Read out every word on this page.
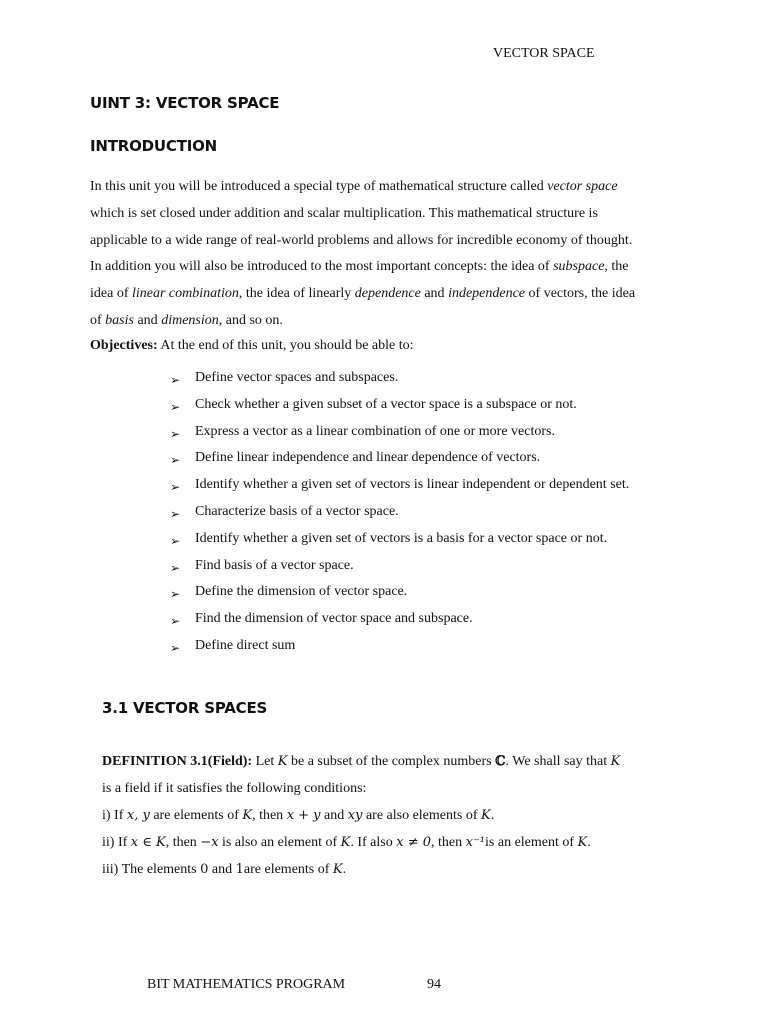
VECTOR SPACE
UINT 3: VECTOR SPACE
INTRODUCTION

In this unit you will be introduced a special type of mathematical structure called vector space

which is set closed under addition and scalar multiplication. This mathematical structure is

applicable to a wide range of real-world problems and allows for incredible economy of thought.

In addition you will also be introduced to the most important concepts: the idea of subspace, the

idea of linear combination, the idea of linearly dependence and independence of vectors, the idea

of basis and dimension, and so on.

Objectives: At the end of this unit, you should be able to:
➢	Define vector spaces and subspaces.
➢	Check whether a given subset of a vector space is a subspace or not.
➢	Express a vector as a linear combination of one or more vectors.
➢	Define linear independence and linear dependence of vectors.
➢	Identify whether a given set of vectors is linear independent or dependent set.
➢	Characterize basis of a vector space.
➢	Identify whether a given set of vectors is a basis for a vector space or not.
➢	Find basis of a vector space.
➢	Define the dimension of vector space.
➢	Find the dimension of vector space and subspace.
➢	Define direct sum
3.1 VECTOR SPACES
DEFINITION 3.1(Field): Let K be a subset of the complex numbers ℂ. We shall say that K
is a field if it satisfies the following conditions:
i) If x, y are elements of K, then x + y and xy are also elements of K.
ii) If x ∈ K, then −x is also an element of K. If also x ≠ 0, then x⁻¹is an element of K.
iii) The elements 0 and 1are elements of K.
BIT MATHEMATICS PROGRAM	94
